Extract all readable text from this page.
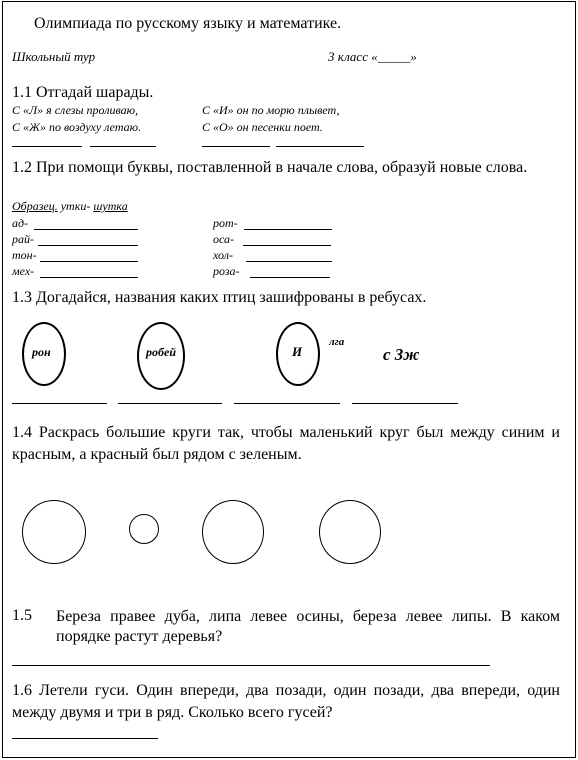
Олимпиада по русскому языку и математике.
Школьный тур	3 класс «_____»
1.1 Отгадай шарады.
С «Л» я слезы проливаю,	С «И» он по морю плывет,
С «Ж» по воздуху летаю.	С «О» он песенки поет.
1.2 При помощи буквы, поставленной в начале слова, образуй новые слова.
Образец. утки- шутка
ад-	рот-
рай-	оса-
тон-	хол-
мех-	роза-
1.3 Догадайся, названия каких птиц зашифрованы в ребусах.
рон	робей	И
лга
с 3ж
1.4 Раскрась большие круги так, чтобы маленький круг был между синим и красным, а красный был рядом с зеленым.
1.5 Береза правее дуба, липа левее осины, береза левее липы. В каком порядке растут деревья?
1.6 Летели гуси. Один впереди, два позади, один позади, два впереди, один между двумя и три в ряд. Сколько всего гусей?
